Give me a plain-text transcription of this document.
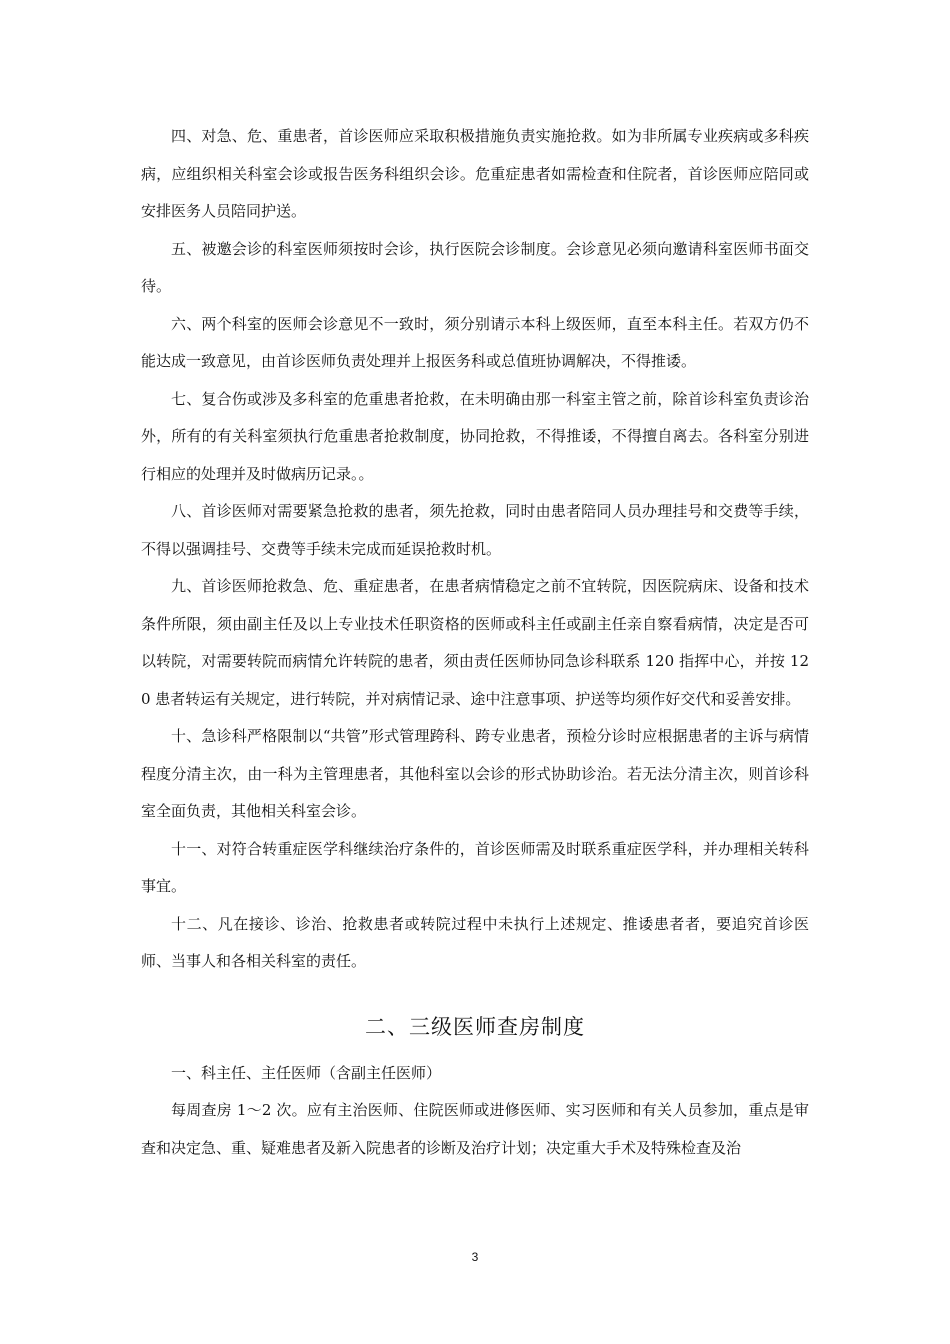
四、对急、危、重患者，首诊医师应采取积极措施负责实施抢救。如为非所属专业疾病或多科疾病，应组织相关科室会诊或报告医务科组织会诊。危重症患者如需检查和住院者，首诊医师应陪同或安排医务人员陪同护送。

五、被邀会诊的科室医师须按时会诊，执行医院会诊制度。会诊意见必须向邀请科室医师书面交待。

六、两个科室的医师会诊意见不一致时，须分别请示本科上级医师，直至本科主任。若双方仍不能达成一致意见，由首诊医师负责处理并上报医务科或总值班协调解决，不得推诿。

七、复合伤或涉及多科室的危重患者抢救，在未明确由那一科室主管之前，除首诊科室负责诊治外，所有的有关科室须执行危重患者抢救制度，协同抢救，不得推诿，不得擅自离去。各科室分别进行相应的处理并及时做病历记录。。

八、首诊医师对需要紧急抢救的患者，须先抢救，同时由患者陪同人员办理挂号和交费等手续，不得以强调挂号、交费等手续未完成而延误抢救时机。

九、首诊医师抢救急、危、重症患者，在患者病情稳定之前不宜转院，因医院病床、设备和技术条件所限，须由副主任及以上专业技术任职资格的医师或科主任或副主任亲自察看病情，决定是否可以转院，对需要转院而病情允许转院的患者，须由责任医师协同急诊科联系 120 指挥中心，并按 120 患者转运有关规定，进行转院，并对病情记录、途中注意事项、护送等均须作好交代和妥善安排。

十、急诊科严格限制以“共管”形式管理跨科、跨专业患者，预检分诊时应根据患者的主诉与病情程度分清主次，由一科为主管理患者，其他科室以会诊的形式协助诊治。若无法分清主次，则首诊科室全面负责，其他相关科室会诊。

十一、对符合转重症医学科继续治疗条件的，首诊医师需及时联系重症医学科，并办理相关转科事宜。

十二、凡在接诊、诊治、抢救患者或转院过程中未执行上述规定、推诿患者者，要追究首诊医师、当事人和各相关科室的责任。

二、三级医师查房制度

一、科主任、主任医师（含副主任医师）

每周查房 1～2 次。应有主治医师、住院医师或进修医师、实习医师和有关人员参加，重点是审查和决定急、重、疑难患者及新入院患者的诊断及治疗计划；决定重大手术及特殊检查及治

3
